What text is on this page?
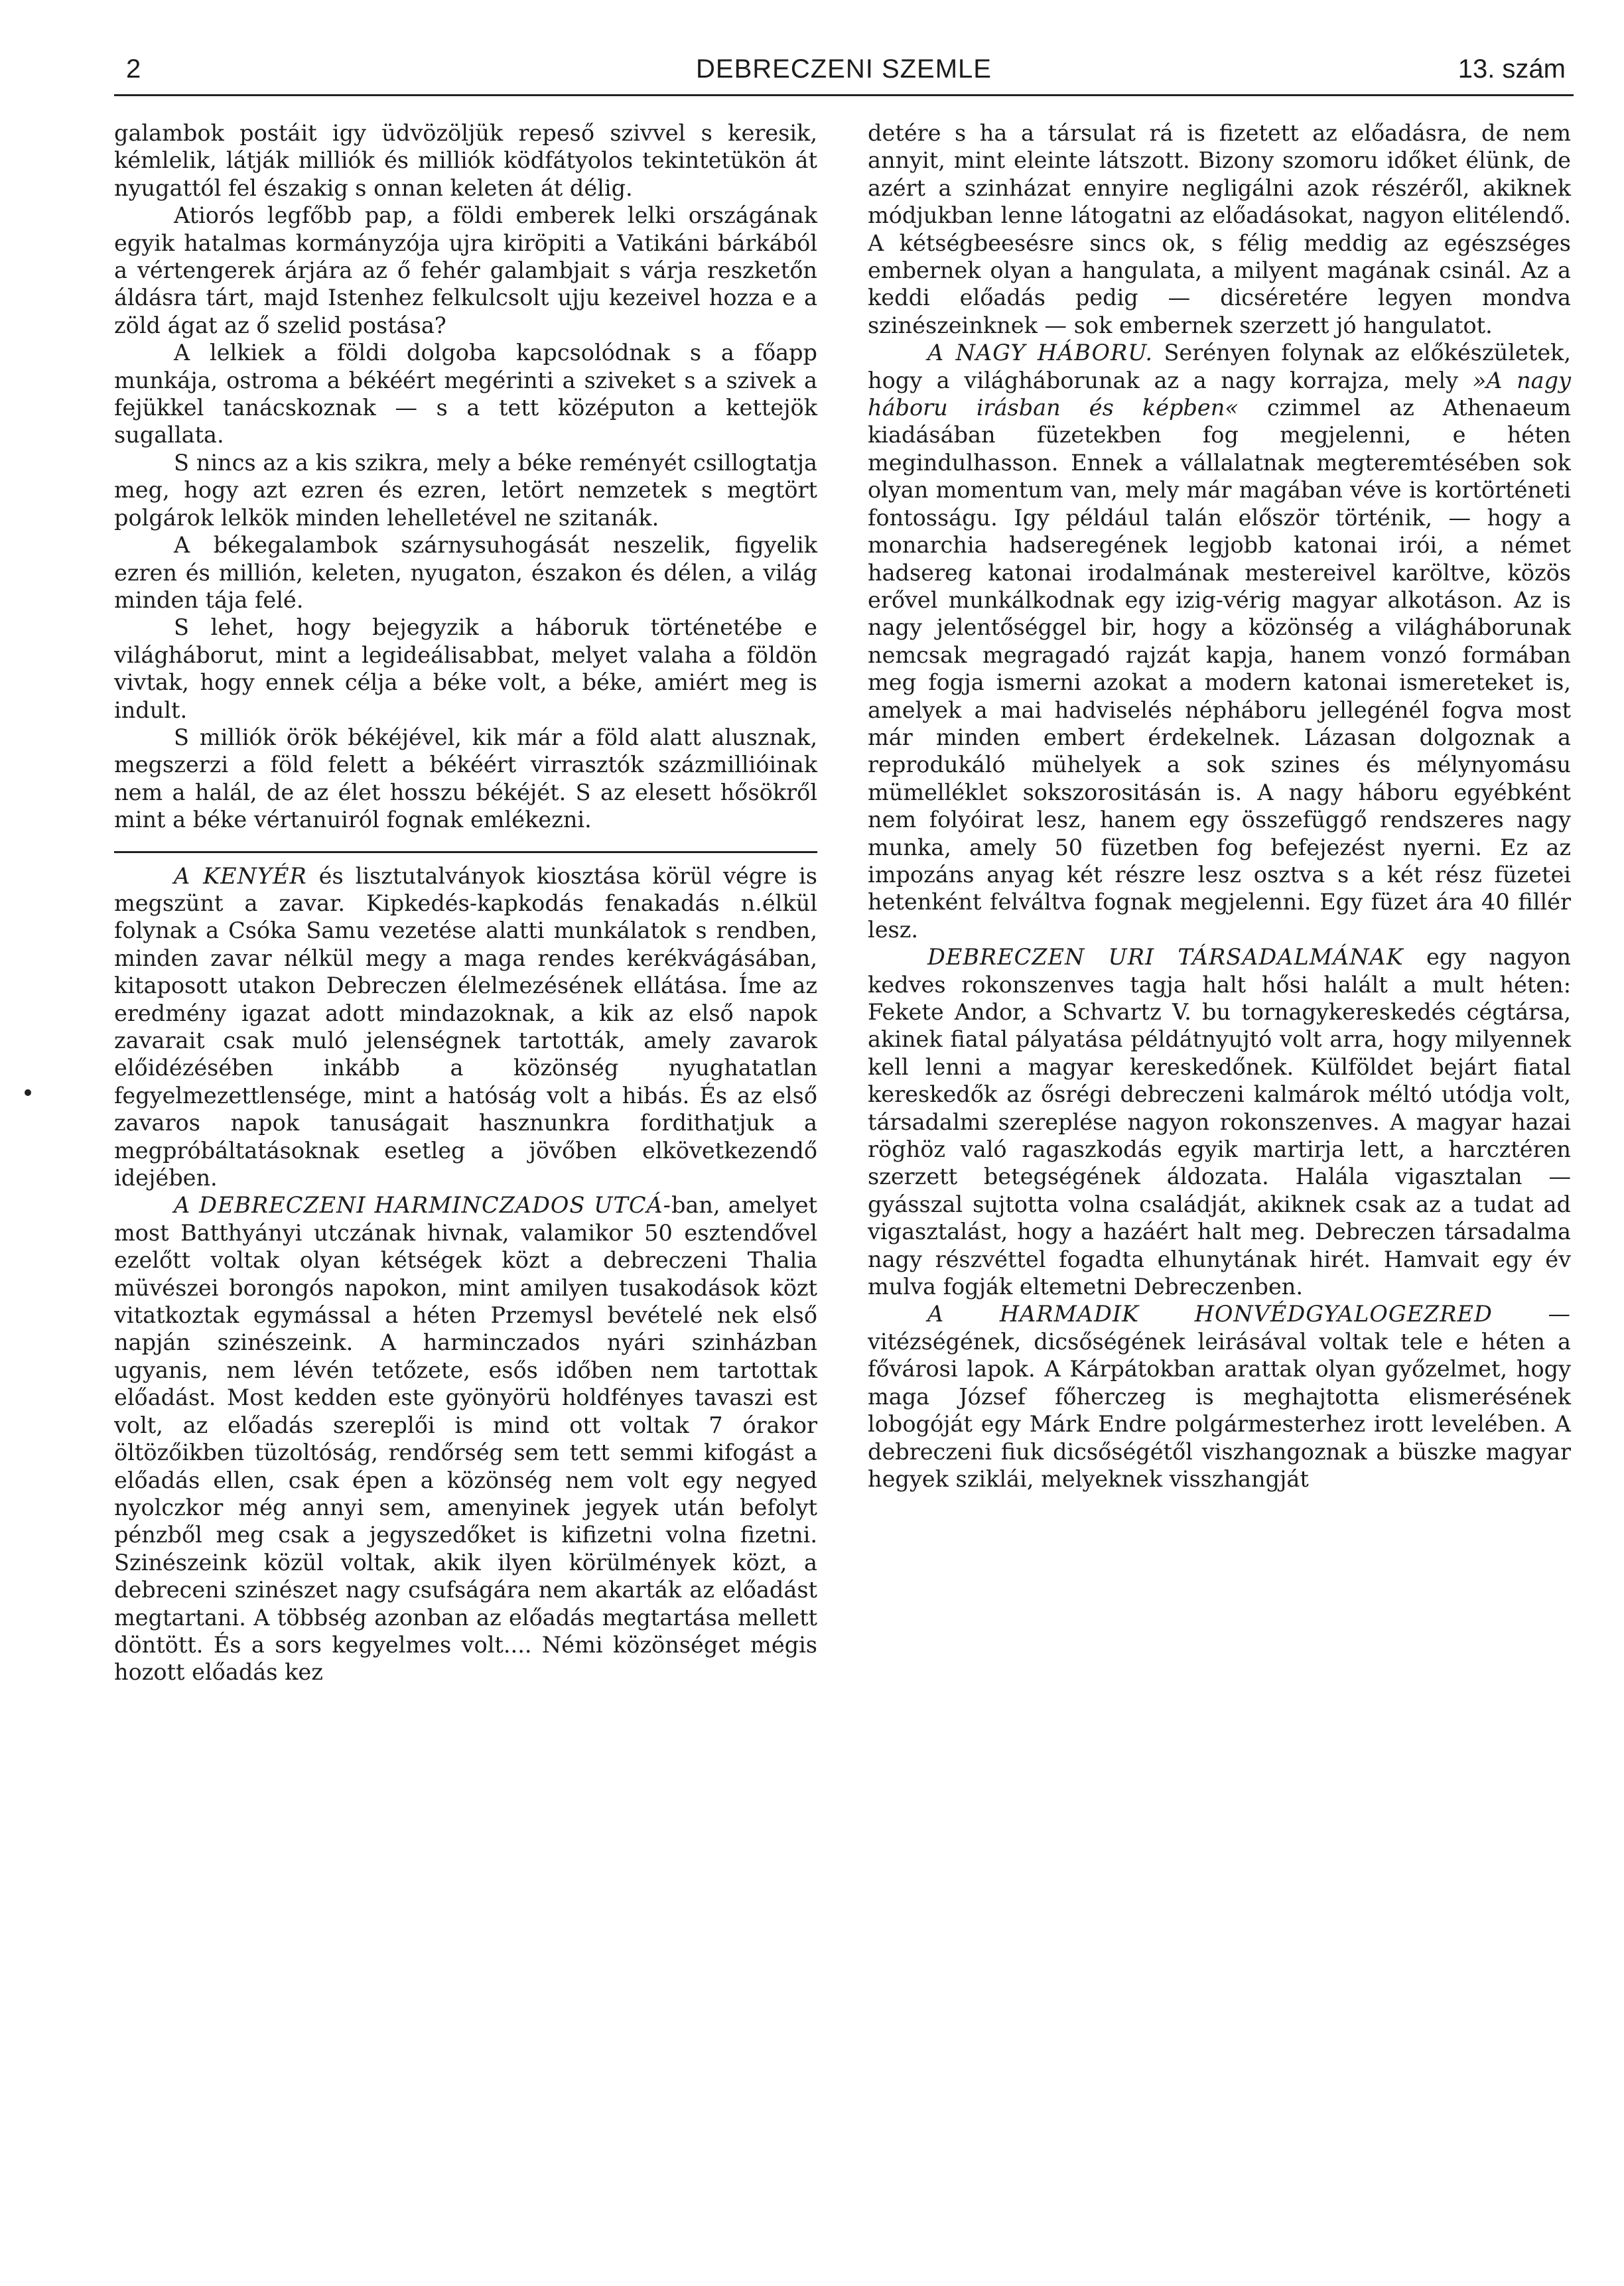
2	DEBRECZENI SZEMLE	13. szám

galambok postáit igy üdvözöljük repeső szivvel s keresik, kémlelik, látják milliók és milliók ködfátyolos tekintetükön át nyugattól fel északig s onnan keleten át délig.

Atiorós legfőbb pap, a földi emberek lelki országának egyik hatalmas kormányzója ujra kiröpiti a Vatikáni bárkából a vértengerek árjára az ő fehér galambjait s várja reszketőn áldásra tárt, majd Istenhez felkulcsolt ujju kezeivel hozza e a zöld ágat az ő szelid postása?

A lelkiek a földi dolgoba kapcsolódnak s a főapp munkája, ostroma a békéért megérinti a sziveket s a szivek a fejükkel tanácskoznak — s a tett középuton a kettejök sugallata.

S nincs az a kis szikra, mely a béke reményét csillogtatja meg, hogy azt ezren és ezren, letört nemzetek s megtört polgárok lelkök minden lehelletével ne szitanák.

A békegalambok szárnysuhogását neszelik, figyelik ezren és millión, keleten, nyugaton, északon és délen, a világ minden tája felé.

S lehet, hogy bejegyzik a háboruk történetébe e világháborut, mint a legideálisabbat, melyet valaha a földön vivtak, hogy ennek célja a béke volt, a béke, amiért meg is indult.

S milliók örök békéjével, kik már a föld alatt alusznak, megszerzi a föld felett a békéért virrasztók százmillióinak nem a halál, de az élet hosszu békéjét. S az elesett hősökről mint a béke vértanuiról fognak emlékezni.

A KENYÉR és lisztutalványok kiosztása körül végre is megszünt a zavar. Kipkedés-kapkodás fenakadás n.élkül folynak a Csóka Samu vezetése alatti munkálatok s rendben, minden zavar nélkül megy a maga rendes kerékvágásában, kitaposott utakon Debreczen élelmezésének ellátása. Íme az eredmény igazat adott mindazoknak, a kik az első napok zavarait csak muló jelenségnek tartották, amely zavarok előidézésében inkább a közönség nyughatatlan fegyelmezettlensége, mint a hatóság volt a hibás. És az első zavaros napok tanuságait hasznunkra fordithatjuk a megpróbáltatásoknak esetleg a jövőben elkövetkezendő idejében.

A DEBRECZENI HARMINCZADOS UTCÁ-ban, amelyet most Batthyányi utczának hivnak, valamikor 50 esztendővel ezelőtt voltak olyan kétségek közt a debreczeni Thalia müvészei borongós napokon, mint amilyen tusakodások közt vitatkoztak egymással a héten Przemysl bevételé nek első napján szinészeink. A harminczados nyári szinházban ugyanis, nem lévén tetőzete, esős időben nem tartottak előadást. Most kedden este gyönyörü holdfényes tavaszi est volt, az előadás szereplői is mind ott voltak 7 órakor öltözőikben tüzoltóság, rendőrség sem tett semmi kifogást a előadás ellen, csak épen a közönség nem volt egy negyed nyolczkor még annyi sem, amenyinek jegyek után befolyt pénzből meg csak a jegyszedőket is kifizetni volna fizetni. Szinészeink közül voltak, akik ilyen körülmények közt, a debreceni szinészet nagy csufságára nem akarták az előadást megtartani. A többség azonban az előadás megtartása mellett döntött. És a sors kegyelmes volt.... Némi közönséget mégis hozott előadás kez

detére s ha a társulat rá is fizetett az előadásra, de nem annyit, mint eleinte látszott. Bizony szomoru időket élünk, de azért a szinházat ennyire negligálni azok részéről, akiknek módjukban lenne látogatni az előadásokat, nagyon elitélendő. A kétségbeesésre sincs ok, s félig meddig az egészséges embernek olyan a hangulata, a milyent magának csinál. Az a keddi előadás pedig — dicséretére legyen mondva szinészeinknek — sok embernek szerzett jó hangulatot.

A NAGY HÁBORU. Serényen folynak az előkészületek, hogy a világháborunak az a nagy korrajza, mely »A nagy háboru irásban és képben« czimmel az Athenaeum kiadásában füzetekben fog megjelenni, e héten megindulhasson. Ennek a vállalatnak megteremtésében sok olyan momentum van, mely már magában véve is kortörténeti fontosságu. Igy például talán először történik, — hogy a monarchia hadseregének legjobb katonai irói, a német hadsereg katonai irodalmának mestereivel karöltve, közös erővel munkálkodnak egy izig-vérig magyar alkotáson. Az is nagy jelentőséggel bir, hogy a közönség a világháborunak nemcsak megragadó rajzát kapja, hanem vonzó formában meg fogja ismerni azokat a modern katonai ismereteket is, amelyek a mai hadviselés népháboru jellegénél fogva most már minden embert érdekelnek. Lázasan dolgoznak a reprodukáló mühelyek a sok szines és mélynyomásu mümelléklet sokszorositásán is. A nagy háboru egyébként nem folyóirat lesz, hanem egy összefüggő rendszeres nagy munka, amely 50 füzetben fog befejezést nyerni. Ez az impozáns anyag két részre lesz osztva s a két rész füzetei hetenként felváltva fognak megjelenni. Egy füzet ára 40 fillér lesz.

DEBRECZEN URI TÁRSADALMÁNAK egy nagyon kedves rokonszenves tagja halt hősi halált a mult héten: Fekete Andor, a Schvartz V. bu tornagykereskedés cégtársa, akinek fiatal pályatása példátnyujtó volt arra, hogy milyennek kell lenni a magyar kereskedőnek. Külföldet bejárt fiatal kereskedők az ősrégi debreczeni kalmárok méltó utódja volt, társadalmi szereplése nagyon rokonszenves. A magyar hazai röghöz való ragaszkodás egyik martirja lett, a harcztéren szerzett betegségének áldozata. Halála vigasztalan — gyásszal sujtotta volna családját, akiknek csak az a tudat ad vigasztalást, hogy a hazáért halt meg. Debreczen társadalma nagy részvéttel fogadta elhunytának hirét. Hamvait egy év mulva fogják eltemetni Debreczenben.

A HARMADIK HONVÉDGYALOGEZRED — vitézségének, dicsőségének leirásával voltak tele e héten a fővárosi lapok. A Kárpátokban arattak olyan győzelmet, hogy maga József főherczeg is meghajtotta elismerésének lobogóját egy Márk Endre polgármesterhez irott levelében. A debreczeni fiuk dicsőségétől viszhangoznak a büszke magyar hegyek sziklái, melyeknek visszhangját
